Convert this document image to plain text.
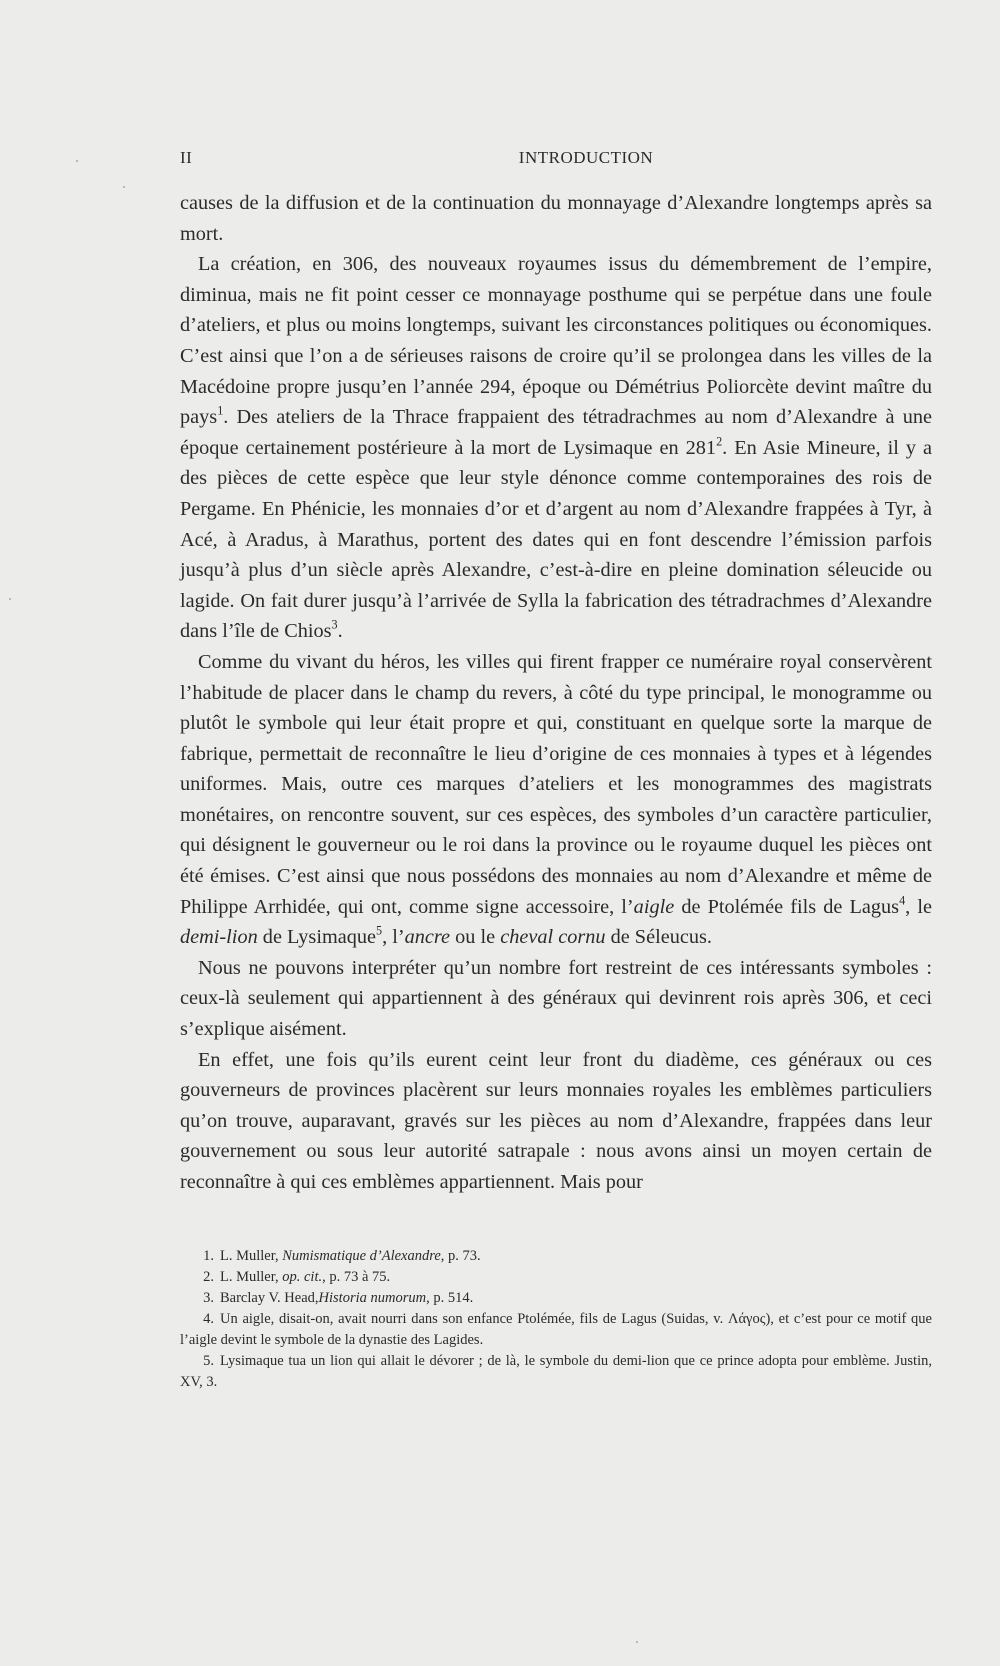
II	INTRODUCTION

causes de la diffusion et de la continuation du monnayage d’Alexandre longtemps après sa mort.

La création, en 306, des nouveaux royaumes issus du démembrement de l’empire, diminua, mais ne fit point cesser ce monnayage posthume qui se perpétue dans une foule d’ateliers, et plus ou moins longtemps, suivant les circonstances politiques ou économiques. C’est ainsi que l’on a de sérieuses raisons de croire qu’il se prolongea dans les villes de la Macédoine propre jusqu’en l’année 294, époque ou Démétrius Poliorcète devint maître du pays$^1$. Des ateliers de la Thrace frappaient des tétradrachmes au nom d’Alexandre à une époque certainement postérieure à la mort de Lysimaque en $281^2$. En Asie Mineure, il y a des pièces de cette espèce que leur style dénonce comme contemporaines des rois de Pergame. En Phénicie, les monnaies d’or et d’argent au nom d’Alexandre frappées à Tyr, à Acé, à Aradus, à Marathus, portent des dates qui en font descendre l’émission parfois jusqu’à plus d’un siècle après Alexandre, c’est-à-dire en pleine domination séleucide ou lagide. On fait durer jusqu’à l’arrivée de Sylla la fabrication des tétradrachmes d’Alexandre dans l’île de Chios$^3$.

Comme du vivant du héros, les villes qui firent frapper ce numéraire royal conservèrent l’habitude de placer dans le champ du revers, à côté du type principal, le monogramme ou plutôt le symbole qui leur était propre et qui, constituant en quelque sorte la marque de fabrique, permettait de reconnaître le lieu d’origine de ces monnaies à types et à légendes uniformes. Mais, outre ces marques d’ateliers et les monogrammes des magistrats monétaires, on rencontre souvent, sur ces espèces, des symboles d’un caractère particulier, qui désignent le gouverneur ou le roi dans la province ou le royaume duquel les pièces ont été émises. C’est ainsi que nous possédons des monnaies au nom d’Alexandre et même de Philippe Arrhidée, qui ont, comme signe accessoire, l’aigle de Ptolémée fils de Lagus$^4$, le demi-lion de Lysimaque$^5$, l’ancre ou le cheval cornu de Séleucus.

Nous ne pouvons interpréter qu’un nombre fort restreint de ces intéressants symboles : ceux-là seulement qui appartiennent à des généraux qui devinrent rois après 306, et ceci s’explique aisément.

En effet, une fois qu’ils eurent ceint leur front du diadème, ces généraux ou ces gouverneurs de provinces placèrent sur leurs monnaies royales les emblèmes particuliers qu’on trouve, auparavant, gravés sur les pièces au nom d’Alexandre, frappées dans leur gouvernement ou sous leur autorité satrapale : nous avons ainsi un moyen certain de reconnaître à qui ces emblèmes appartiennent. Mais pour

1. L. Muller, Numismatique d’Alexandre, p. 73.

2. L. Muller, op. cit., p. 73 à 75.

3. Barclay V. Head,Historia numorum, p. 514.

4. Un aigle, disait-on, avait nourri dans son enfance Ptolémée, fils de Lagus (Suidas, v. Λάγος), et c’est pour ce motif que l’aigle devint le symbole de la dynastie des Lagides.

5. Lysimaque tua un lion qui allait le dévorer ; de là, le symbole du demi-lion que ce prince adopta pour emblème. Justin, XV, 3.
